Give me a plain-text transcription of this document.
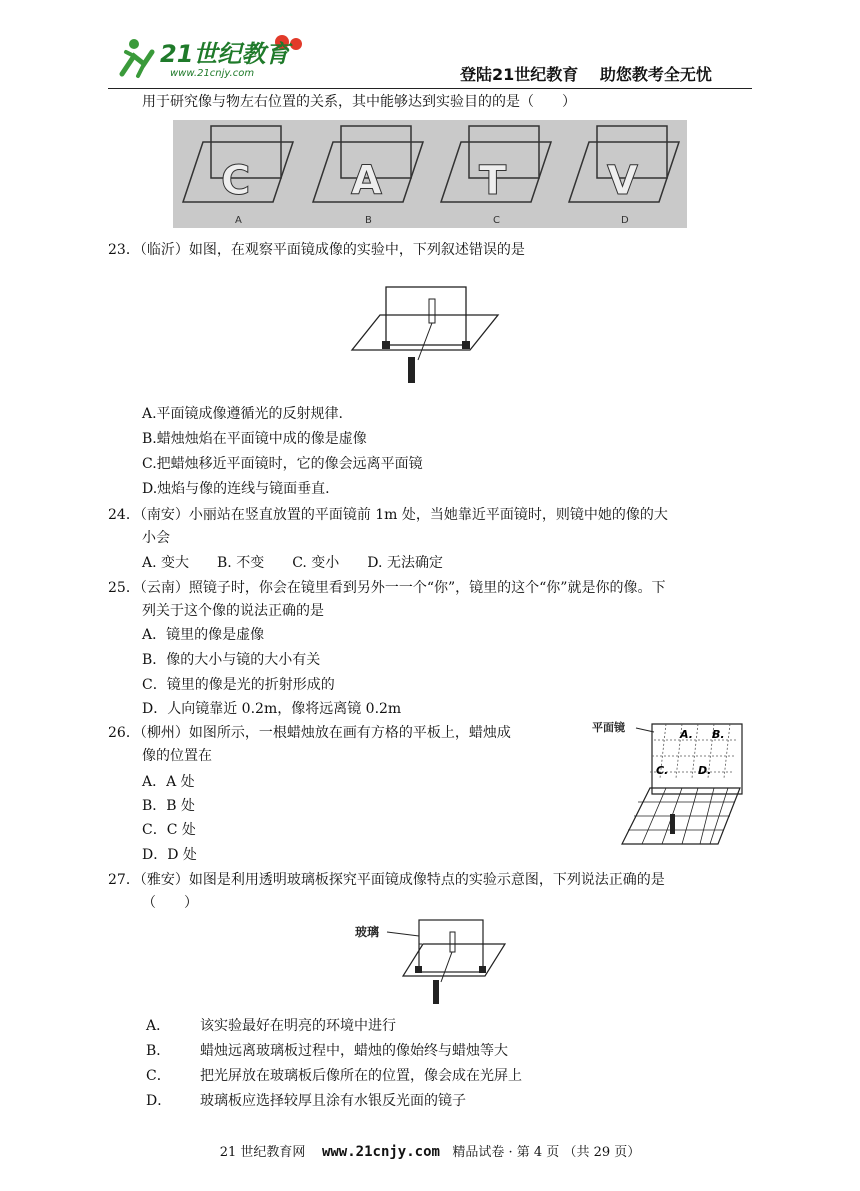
21世纪教育
www.21cnjy.com	登陆21世纪教育　 助您教考全无忧
用于研究像与物左右位置的关系，其中能够达到实验目的的是（　　）
C
A
A
B
T
C
V
D
23．（临沂）如图，在观察平面镜成像的实验中，下列叙述错误的是
A.平面镜成像遵循光的反射规律.
B.蜡烛烛焰在平面镜中成的像是虚像
C.把蜡烛移近平面镜时，它的像会远离平面镜
D.烛焰与像的连线与镜面垂直.
24．（南安）小丽站在竖直放置的平面镜前 1m 处，当她靠近平面镜时，则镜中她的像的大
小会
A. 变大　　B. 不变　　C. 变小　　D. 无法确定
25．（云南）照镜子时，你会在镜里看到另外一一个“你”，镜里的这个“你”就是你的像。下
列关于这个像的说法正确的是
A．镜里的像是虚像
B．像的大小与镜的大小有关
C．镜里的像是光的折射形成的
D．人向镜靠近 0.2m，像将远离镜 0.2m
26．（柳州）如图所示，一根蜡烛放在画有方格的平板上，蜡烛成
像的位置在
A．A 处
B．B 处
C．C 处
D．D 处
平面镜
A. B.
C.	D.
27．（雅安）如图是利用透明玻璃板探究平面镜成像特点的实验示意图，下列说法正确的是
（　　）
玻璃
A． 该实验最好在明亮的环境中进行
B． 蜡烛远离玻璃板过程中，蜡烛的像始终与蜡烛等大
C． 把光屏放在玻璃板后像所在的位置，像会成在光屏上
D． 玻璃板应选择较厚且涂有水银反光面的镜子
21 世纪教育网 www.21cnjy.com 精品试卷 · 第 4 页 （共 29 页）
